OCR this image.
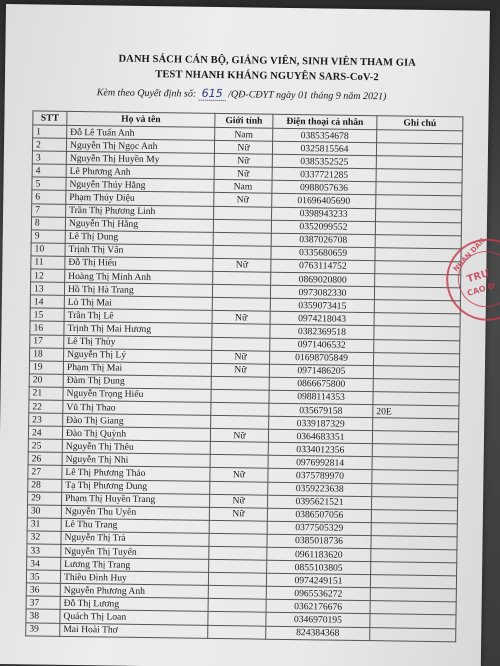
DANH SÁCH CÁN BỘ, GIẢNG VIÊN, SINH VIÊN THAM GIA
TEST NHANH KHÁNG NGUYÊN SARS-CoV-2
Kèm theo Quyết định số: 615 /QĐ-CĐYT ngày 01 tháng 9 năm 2021)
STT	Họ và tên	Giới tính	Điện thoại cá nhân	Ghi chú
1	Đỗ Lê Tuấn Anh	Nam	0385354678	
2	Nguyễn Thị Ngọc Anh	Nữ	0325815564	
3	Nguyễn Thị Huyền My	Nữ	0385352525	
4	Lê Phương Anh	Nữ	0337721285	
5	Nguyễn Thúy Hằng	Nam	0988057636	
6	Phạm Thúy Diệu	Nữ	01696405690	
7	Trần Thị Phương Linh		0398943233	
8	Nguyễn Thị Hằng		0352099552	
9	Lê Thị Dung		0387026708	
10	Trịnh Thị Vân		0335680659	
11	Đỗ Thị Hiếu	Nữ	0763114752	
12	Hoàng Thị Minh Anh		0869020800	
13	Hồ Thị Hà Trang		0973082330	
14	Lò Thị Mai		0359073415	
15	Trần Thị Lê	Nữ	0974218043	
16	Trịnh Thị Mai Hương		0382369518	
17	Lê Thị Thủy		0971406532	
18	Nguyễn Thị Lý	Nữ	01698705849	
19	Phạm Thị Mai	Nữ	0971486205	
20	Đàm Thị Dung		0866675800	
21	Nguyễn Trọng Hiếu		0988114353	
22	Vũ Thị Thao		035679158	20E
23	Đào Thị Giang		0339187329	
24	Đào Thị Quỳnh	Nữ	0364683351	
25	Nguyễn Thị Thêu		0334012356	
26	Nguyễn Thị Nhi		0976992814	
27	Lê Thị Phương Thảo	Nữ	0375789970	
28	Tạ Thị Phương Dung		0359223638	
29	Phạm Thị Huyền Trang	Nữ	0395621521	
30	Nguyễn Thu Uyên	Nữ	0386507056	
31	Lê Thu Trang		0377505329	
32	Nguyễn Thị Trà		0385018736	
33	Nguyễn Thị Tuyến		0961183620	
34	Lương Thị Trang		0855103805	
35	Thiều Đình Huy		0974249151	
36	Nguyễn Phương Anh		0965536272	
37	Đỗ Thị Lương		0362176676	
38	Quách Thị Loan		0346970195	
39	Mai Hoài Thơ		824384368	
NHÂN DÂN
TRƯ
CAO Đ
